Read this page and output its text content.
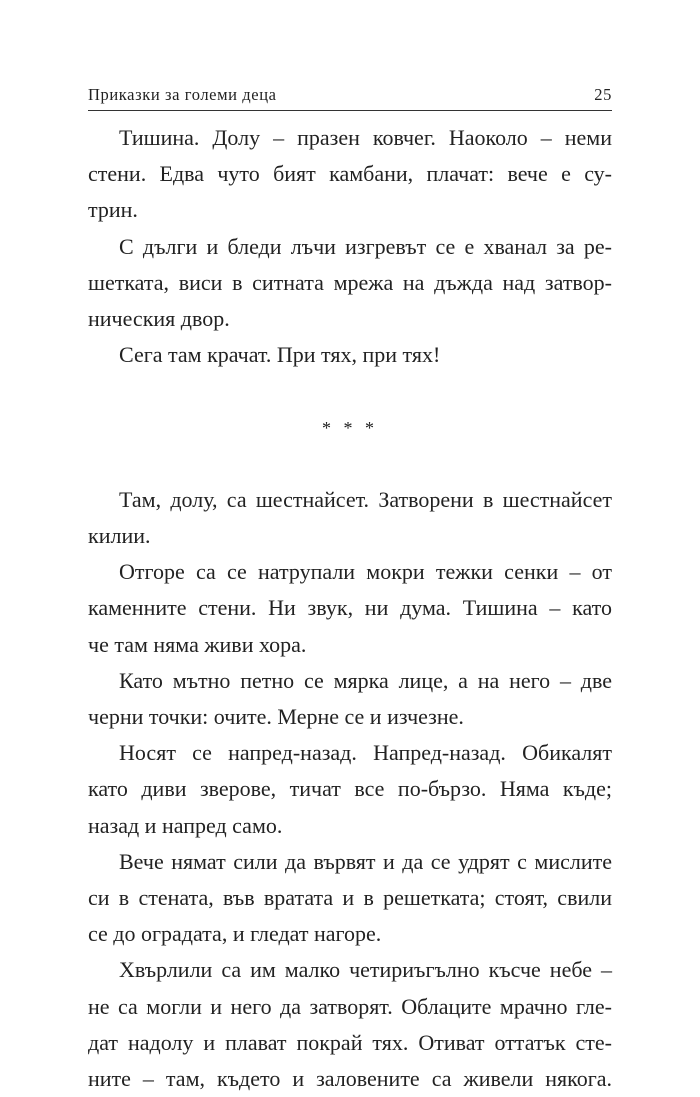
Приказки за големи деца	25
Тишина. Долу – празен ковчег. Наоколо – неми
стени. Едва чуто бият камбани, плачат: вече е су-
трин.
С дълги и бледи лъчи изгревът се е хванал за ре-
шетката, виси в ситната мрежа на дъжда над затвор-
ническия двор.
Сега там крачат. При тях, при тях!
* * *
Там, долу, са шестнайсет. Затворени в шестнайсет
килии.
Отгоре са се натрупали мокри тежки сенки – от
каменните стени. Ни звук, ни дума. Тишина – като
че там няма живи хора.
Като мътно петно се мярка лице, а на него – две
черни точки: очите. Мерне се и изчезне.
Носят се напред-назад. Напред-назад. Обикалят
като диви зверове, тичат все по-бързо. Няма къде;
назад и напред само.
Вече нямат сили да вървят и да се удрят с мислите
си в стената, във вратата и в решетката; стоят, свили
се до оградата, и гледат нагоре.
Хвърлили са им малко четириъгълно късче небе –
не са могли и него да затворят. Облаците мрачно гле-
дат надолу и плават покрай тях. Отиват оттатък сте-
ните – там, където и заловените са живели някога.
